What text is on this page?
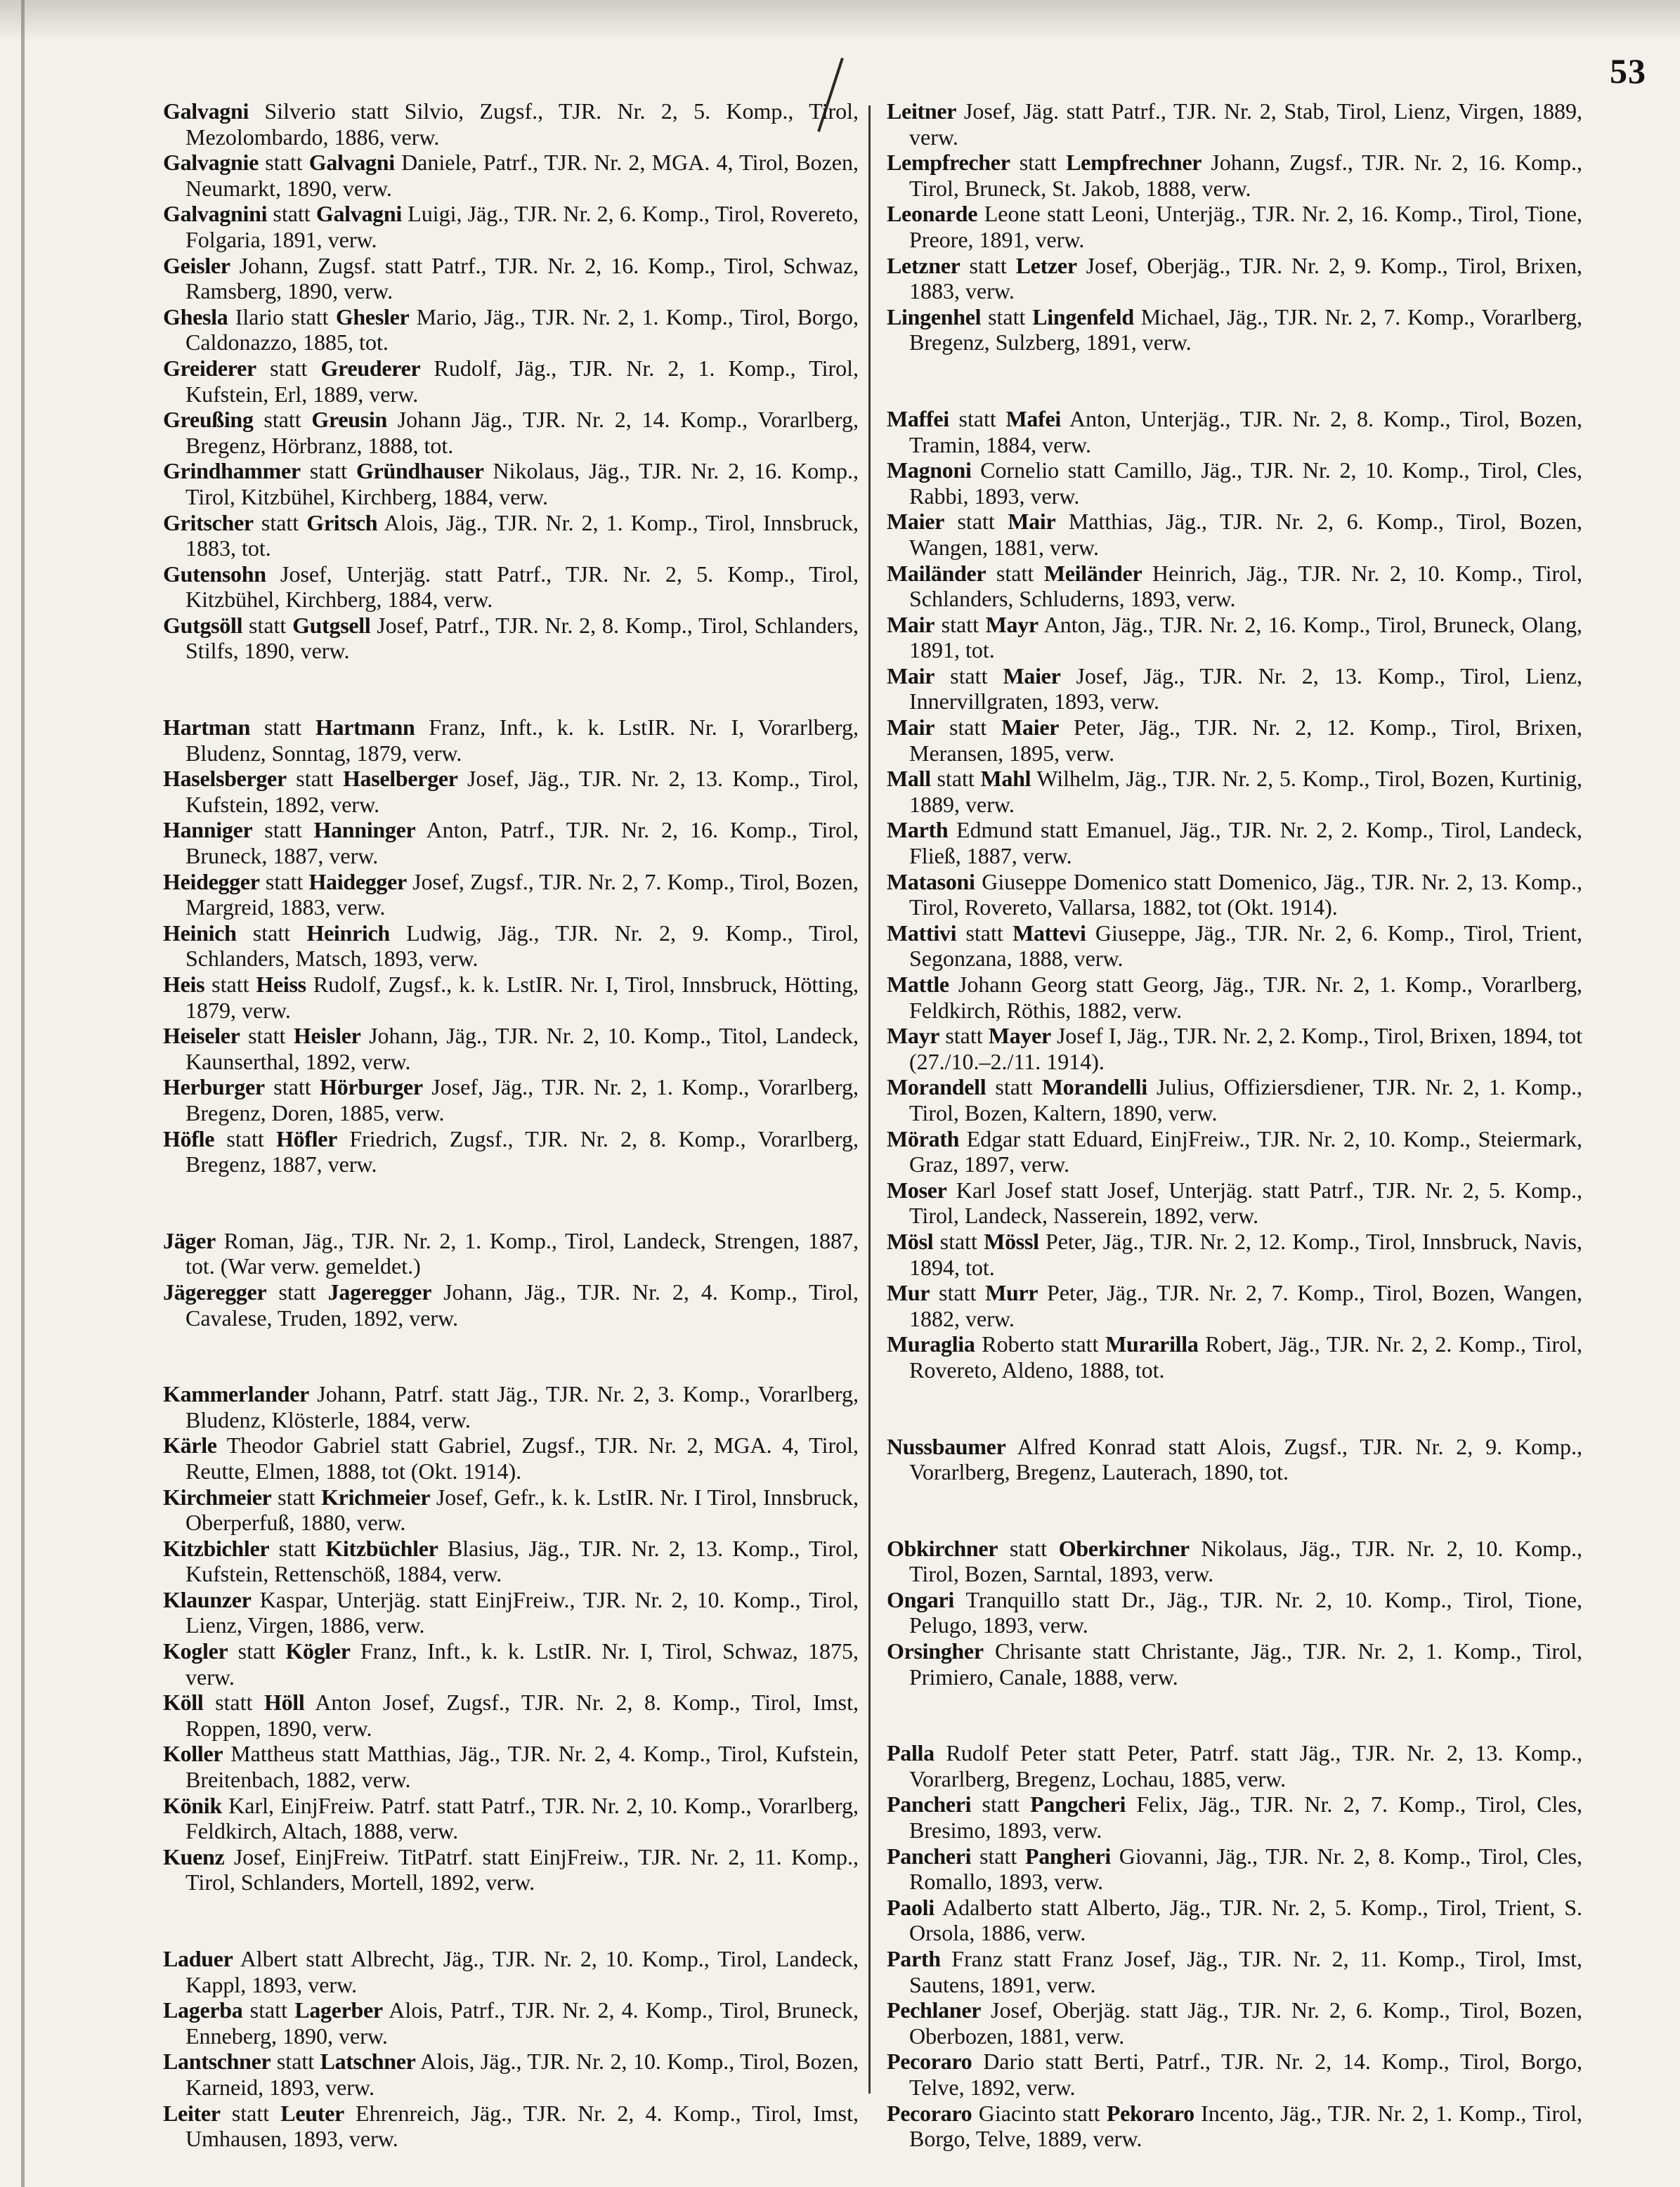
53

Galvagni Silverio statt Silvio, Zugsf., TJR. Nr. 2, 5. Komp., Tirol, Mezolombardo, 1886, verw.

Galvagnie statt Galvagni Daniele, Patrf., TJR. Nr. 2, MGA. 4, Tirol, Bozen, Neumarkt, 1890, verw.

Galvagnini statt Galvagni Luigi, Jäg., TJR. Nr. 2, 6. Komp., Tirol, Rovereto, Folgaria, 1891, verw.

Geisler Johann, Zugsf. statt Patrf., TJR. Nr. 2, 16. Komp., Tirol, Schwaz, Ramsberg, 1890, verw.

Ghesla Ilario statt Ghesler Mario, Jäg., TJR. Nr. 2, 1. Komp., Tirol, Borgo, Caldonazzo, 1885, tot.

Greiderer statt Greuderer Rudolf, Jäg., TJR. Nr. 2, 1. Komp., Tirol, Kufstein, Erl, 1889, verw.

Greußing statt Greusin Johann Jäg., TJR. Nr. 2, 14. Komp., Vorarlberg, Bregenz, Hörbranz, 1888, tot.

Grindhammer statt Gründhauser Nikolaus, Jäg., TJR. Nr. 2, 16. Komp., Tirol, Kitzbühel, Kirchberg, 1884, verw.

Gritscher statt Gritsch Alois, Jäg., TJR. Nr. 2, 1. Komp., Tirol, Innsbruck, 1883, tot.

Gutensohn Josef, Unterjäg. statt Patrf., TJR. Nr. 2, 5. Komp., Tirol, Kitzbühel, Kirchberg, 1884, verw.

Gutgsöll statt Gutgsell Josef, Patrf., TJR. Nr. 2, 8. Komp., Tirol, Schlanders, Stilfs, 1890, verw.

Hartman statt Hartmann Franz, Inft., k. k. LstIR. Nr. I, Vorarlberg, Bludenz, Sonntag, 1879, verw.

Haselsberger statt Haselberger Josef, Jäg., TJR. Nr. 2, 13. Komp., Tirol, Kufstein, 1892, verw.

Hanniger statt Hanninger Anton, Patrf., TJR. Nr. 2, 16. Komp., Tirol, Bruneck, 1887, verw.

Heidegger statt Haidegger Josef, Zugsf., TJR. Nr. 2, 7. Komp., Tirol, Bozen, Margreid, 1883, verw.

Heinich statt Heinrich Ludwig, Jäg., TJR. Nr. 2, 9. Komp., Tirol, Schlanders, Matsch, 1893, verw.

Heis statt Heiss Rudolf, Zugsf., k. k. LstIR. Nr. I, Tirol, Innsbruck, Hötting, 1879, verw.

Heiseler statt Heisler Johann, Jäg., TJR. Nr. 2, 10. Komp., Titol, Landeck, Kaunserthal, 1892, verw.

Herburger statt Hörburger Josef, Jäg., TJR. Nr. 2, 1. Komp., Vorarlberg, Bregenz, Doren, 1885, verw.

Höfle statt Höfler Friedrich, Zugsf., TJR. Nr. 2, 8. Komp., Vorarlberg, Bregenz, 1887, verw.

Jäger Roman, Jäg., TJR. Nr. 2, 1. Komp., Tirol, Landeck, Strengen, 1887, tot. (War verw. gemeldet.)

Jägeregger statt Jageregger Johann, Jäg., TJR. Nr. 2, 4. Komp., Tirol, Cavalese, Truden, 1892, verw.

Kammerlander Johann, Patrf. statt Jäg., TJR. Nr. 2, 3. Komp., Vorarlberg, Bludenz, Klösterle, 1884, verw.

Kärle Theodor Gabriel statt Gabriel, Zugsf., TJR. Nr. 2, MGA. 4, Tirol, Reutte, Elmen, 1888, tot (Okt. 1914).

Kirchmeier statt Krichmeier Josef, Gefr., k. k. LstIR. Nr. I Tirol, Innsbruck, Oberperfuß, 1880, verw.

Kitzbichler statt Kitzbüchler Blasius, Jäg., TJR. Nr. 2, 13. Komp., Tirol, Kufstein, Rettenschöß, 1884, verw.

Klaunzer Kaspar, Unterjäg. statt EinjFreiw., TJR. Nr. 2, 10. Komp., Tirol, Lienz, Virgen, 1886, verw.

Kogler statt Kögler Franz, Inft., k. k. LstIR. Nr. I, Tirol, Schwaz, 1875, verw.

Köll statt Höll Anton Josef, Zugsf., TJR. Nr. 2, 8. Komp., Tirol, Imst, Roppen, 1890, verw.

Koller Mattheus statt Matthias, Jäg., TJR. Nr. 2, 4. Komp., Tirol, Kufstein, Breitenbach, 1882, verw.

Könik Karl, EinjFreiw. Patrf. statt Patrf., TJR. Nr. 2, 10. Komp., Vorarlberg, Feldkirch, Altach, 1888, verw.

Kuenz Josef, EinjFreiw. TitPatrf. statt EinjFreiw., TJR. Nr. 2, 11. Komp., Tirol, Schlanders, Mortell, 1892, verw.

Laduer Albert statt Albrecht, Jäg., TJR. Nr. 2, 10. Komp., Tirol, Landeck, Kappl, 1893, verw.

Lagerba statt Lagerber Alois, Patrf., TJR. Nr. 2, 4. Komp., Tirol, Bruneck, Enneberg, 1890, verw.

Lantschner statt Latschner Alois, Jäg., TJR. Nr. 2, 10. Komp., Tirol, Bozen, Karneid, 1893, verw.

Leiter statt Leuter Ehrenreich, Jäg., TJR. Nr. 2, 4. Komp., Tirol, Imst, Umhausen, 1893, verw.

Leitner Josef, Jäg. statt Patrf., TJR. Nr. 2, Stab, Tirol, Lienz, Virgen, 1889, verw.

Lempfrecher statt Lempfrechner Johann, Zugsf., TJR. Nr. 2, 16. Komp., Tirol, Bruneck, St. Jakob, 1888, verw.

Leonarde Leone statt Leoni, Unterjäg., TJR. Nr. 2, 16. Komp., Tirol, Tione, Preore, 1891, verw.

Letzner statt Letzer Josef, Oberjäg., TJR. Nr. 2, 9. Komp., Tirol, Brixen, 1883, verw.

Lingenhel statt Lingenfeld Michael, Jäg., TJR. Nr. 2, 7. Komp., Vorarlberg, Bregenz, Sulzberg, 1891, verw.

Maffei statt Mafei Anton, Unterjäg., TJR. Nr. 2, 8. Komp., Tirol, Bozen, Tramin, 1884, verw.

Magnoni Cornelio statt Camillo, Jäg., TJR. Nr. 2, 10. Komp., Tirol, Cles, Rabbi, 1893, verw.

Maier statt Mair Matthias, Jäg., TJR. Nr. 2, 6. Komp., Tirol, Bozen, Wangen, 1881, verw.

Mailänder statt Meiländer Heinrich, Jäg., TJR. Nr. 2, 10. Komp., Tirol, Schlanders, Schluderns, 1893, verw.

Mair statt Mayr Anton, Jäg., TJR. Nr. 2, 16. Komp., Tirol, Bruneck, Olang, 1891, tot.

Mair statt Maier Josef, Jäg., TJR. Nr. 2, 13. Komp., Tirol, Lienz, Innervillgraten, 1893, verw.

Mair statt Maier Peter, Jäg., TJR. Nr. 2, 12. Komp., Tirol, Brixen, Meransen, 1895, verw.

Mall statt Mahl Wilhelm, Jäg., TJR. Nr. 2, 5. Komp., Tirol, Bozen, Kurtinig, 1889, verw.

Marth Edmund statt Emanuel, Jäg., TJR. Nr. 2, 2. Komp., Tirol, Landeck, Fließ, 1887, verw.

Matasoni Giuseppe Domenico statt Domenico, Jäg., TJR. Nr. 2, 13. Komp., Tirol, Rovereto, Vallarsa, 1882, tot (Okt. 1914).

Mattivi statt Mattevi Giuseppe, Jäg., TJR. Nr. 2, 6. Komp., Tirol, Trient, Segonzana, 1888, verw.

Mattle Johann Georg statt Georg, Jäg., TJR. Nr. 2, 1. Komp., Vorarlberg, Feldkirch, Röthis, 1882, verw.

Mayr statt Mayer Josef I, Jäg., TJR. Nr. 2, 2. Komp., Tirol, Brixen, 1894, tot (27./10.–2./11. 1914).

Morandell statt Morandelli Julius, Offiziersdiener, TJR. Nr. 2, 1. Komp., Tirol, Bozen, Kaltern, 1890, verw.

Mörath Edgar statt Eduard, EinjFreiw., TJR. Nr. 2, 10. Komp., Steiermark, Graz, 1897, verw.

Moser Karl Josef statt Josef, Unterjäg. statt Patrf., TJR. Nr. 2, 5. Komp., Tirol, Landeck, Nasserein, 1892, verw.

Mösl statt Mössl Peter, Jäg., TJR. Nr. 2, 12. Komp., Tirol, Innsbruck, Navis, 1894, tot.

Mur statt Murr Peter, Jäg., TJR. Nr. 2, 7. Komp., Tirol, Bozen, Wangen, 1882, verw.

Muraglia Roberto statt Murarilla Robert, Jäg., TJR. Nr. 2, 2. Komp., Tirol, Rovereto, Aldeno, 1888, tot.

Nussbaumer Alfred Konrad statt Alois, Zugsf., TJR. Nr. 2, 9. Komp., Vorarlberg, Bregenz, Lauterach, 1890, tot.

Obkirchner statt Oberkirchner Nikolaus, Jäg., TJR. Nr. 2, 10. Komp., Tirol, Bozen, Sarntal, 1893, verw.

Ongari Tranquillo statt Dr., Jäg., TJR. Nr. 2, 10. Komp., Tirol, Tione, Pelugo, 1893, verw.

Orsingher Chrisante statt Christante, Jäg., TJR. Nr. 2, 1. Komp., Tirol, Primiero, Canale, 1888, verw.

Palla Rudolf Peter statt Peter, Patrf. statt Jäg., TJR. Nr. 2, 13. Komp., Vorarlberg, Bregenz, Lochau, 1885, verw.

Pancheri statt Pangcheri Felix, Jäg., TJR. Nr. 2, 7. Komp., Tirol, Cles, Bresimo, 1893, verw.

Pancheri statt Pangheri Giovanni, Jäg., TJR. Nr. 2, 8. Komp., Tirol, Cles, Romallo, 1893, verw.

Paoli Adalberto statt Alberto, Jäg., TJR. Nr. 2, 5. Komp., Tirol, Trient, S. Orsola, 1886, verw.

Parth Franz statt Franz Josef, Jäg., TJR. Nr. 2, 11. Komp., Tirol, Imst, Sautens, 1891, verw.

Pechlaner Josef, Oberjäg. statt Jäg., TJR. Nr. 2, 6. Komp., Tirol, Bozen, Oberbozen, 1881, verw.

Pecoraro Dario statt Berti, Patrf., TJR. Nr. 2, 14. Komp., Tirol, Borgo, Telve, 1892, verw.

Pecoraro Giacinto statt Pekoraro Incento, Jäg., TJR. Nr. 2, 1. Komp., Tirol, Borgo, Telve, 1889, verw.
